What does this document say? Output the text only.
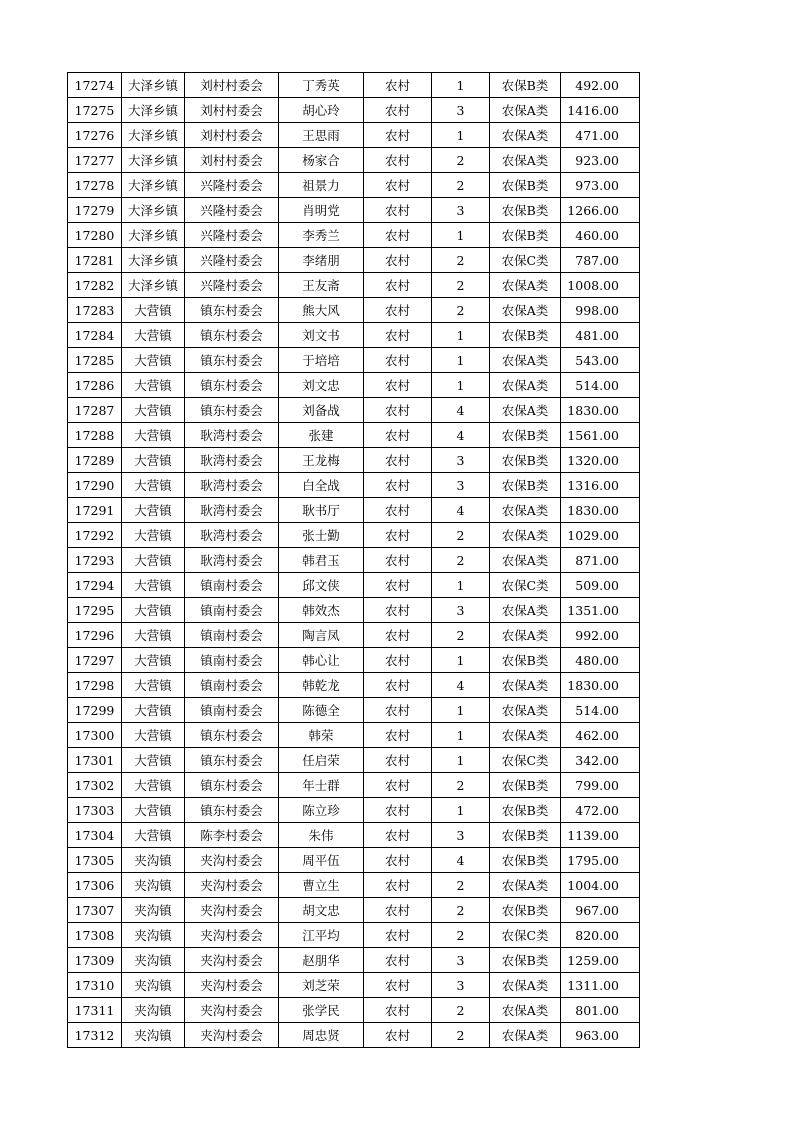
17274	大泽乡镇	刘村村委会	丁秀英	农村	1	农保B类	492.00
17275	大泽乡镇	刘村村委会	胡心玲	农村	3	农保A类	1416.00
17276	大泽乡镇	刘村村委会	王思雨	农村	1	农保A类	471.00
17277	大泽乡镇	刘村村委会	杨家合	农村	2	农保A类	923.00
17278	大泽乡镇	兴隆村委会	祖景力	农村	2	农保B类	973.00
17279	大泽乡镇	兴隆村委会	肖明党	农村	3	农保B类	1266.00
17280	大泽乡镇	兴隆村委会	李秀兰	农村	1	农保B类	460.00
17281	大泽乡镇	兴隆村委会	李绪朋	农村	2	农保C类	787.00
17282	大泽乡镇	兴隆村委会	王友斋	农村	2	农保A类	1008.00
17283	大营镇	镇东村委会	熊大风	农村	2	农保A类	998.00
17284	大营镇	镇东村委会	刘文书	农村	1	农保B类	481.00
17285	大营镇	镇东村委会	于培培	农村	1	农保A类	543.00
17286	大营镇	镇东村委会	刘文忠	农村	1	农保A类	514.00
17287	大营镇	镇东村委会	刘备战	农村	4	农保A类	1830.00
17288	大营镇	耿湾村委会	张建	农村	4	农保B类	1561.00
17289	大营镇	耿湾村委会	王龙梅	农村	3	农保B类	1320.00
17290	大营镇	耿湾村委会	白全战	农村	3	农保B类	1316.00
17291	大营镇	耿湾村委会	耿书厅	农村	4	农保A类	1830.00
17292	大营镇	耿湾村委会	张士勤	农村	2	农保A类	1029.00
17293	大营镇	耿湾村委会	韩君玉	农村	2	农保A类	871.00
17294	大营镇	镇南村委会	邱文侠	农村	1	农保C类	509.00
17295	大营镇	镇南村委会	韩效杰	农村	3	农保A类	1351.00
17296	大营镇	镇南村委会	陶言凤	农村	2	农保A类	992.00
17297	大营镇	镇南村委会	韩心让	农村	1	农保B类	480.00
17298	大营镇	镇南村委会	韩乾龙	农村	4	农保A类	1830.00
17299	大营镇	镇南村委会	陈德全	农村	1	农保A类	514.00
17300	大营镇	镇东村委会	韩荣	农村	1	农保A类	462.00
17301	大营镇	镇东村委会	任启荣	农村	1	农保C类	342.00
17302	大营镇	镇东村委会	年士群	农村	2	农保B类	799.00
17303	大营镇	镇东村委会	陈立珍	农村	1	农保B类	472.00
17304	大营镇	陈李村委会	朱伟	农村	3	农保B类	1139.00
17305	夹沟镇	夹沟村委会	周平伍	农村	4	农保B类	1795.00
17306	夹沟镇	夹沟村委会	曹立生	农村	2	农保A类	1004.00
17307	夹沟镇	夹沟村委会	胡文忠	农村	2	农保B类	967.00
17308	夹沟镇	夹沟村委会	江平均	农村	2	农保C类	820.00
17309	夹沟镇	夹沟村委会	赵朋华	农村	3	农保B类	1259.00
17310	夹沟镇	夹沟村委会	刘芝荣	农村	3	农保A类	1311.00
17311	夹沟镇	夹沟村委会	张学民	农村	2	农保A类	801.00
17312	夹沟镇	夹沟村委会	周忠贤	农村	2	农保A类	963.00
